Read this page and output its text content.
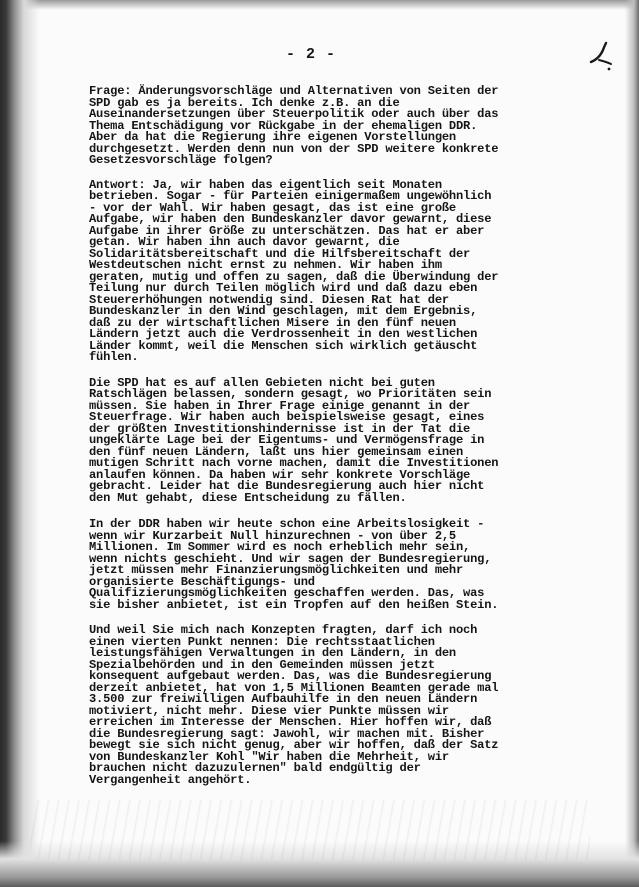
- 2 -
Frage: Änderungsvorschläge und Alternativen von Seiten der
SPD gab es ja bereits. Ich denke z.B. an die
Auseinandersetzungen über Steuerpolitik oder auch über das
Thema Entschädigung vor Rückgabe in der ehemaligen DDR.
Aber da hat die Regierung ihre eigenen Vorstellungen
durchgesetzt. Werden denn nun von der SPD weitere konkrete
Gesetzesvorschläge folgen?
Antwort: Ja, wir haben das eigentlich seit Monaten
betrieben. Sogar - für Parteien einigermaßem ungewöhnlich
- vor der Wahl. Wir haben gesagt, das ist eine große
Aufgabe, wir haben den Bundeskanzler davor gewarnt, diese
Aufgabe in ihrer Größe zu unterschätzen. Das hat er aber
getan. Wir haben ihn auch davor gewarnt, die
Solidaritätsbereitschaft und die Hilfsbereitschaft der
Westdeutschen nicht ernst zu nehmen. Wir haben ihm
geraten, mutig und offen zu sagen, daß die Überwindung der
Teilung nur durch Teilen möglich wird und daß dazu eben
Steuererhöhungen notwendig sind. Diesen Rat hat der
Bundeskanzler in den Wind geschlagen, mit dem Ergebnis,
daß zu der wirtschaftlichen Misere in den fünf neuen
Ländern jetzt auch die Verdrossenheit in den westlichen
Länder kommt, weil die Menschen sich wirklich getäuscht
fühlen.
Die SPD hat es auf allen Gebieten nicht bei guten
Ratschlägen belassen, sondern gesagt, wo Prioritäten sein
müssen. Sie haben in Ihrer Frage einige genannt in der
Steuerfrage. Wir haben auch beispielsweise gesagt, eines
der größten Investitionshindernisse ist in der Tat die
ungeklärte Lage bei der Eigentums- und Vermögensfrage in
den fünf neuen Ländern, laßt uns hier gemeinsam einen
mutigen Schritt nach vorne machen, damit die Investitionen
anlaufen können. Da haben wir sehr konkrete Vorschläge
gebracht. Leider hat die Bundesregierung auch hier nicht
den Mut gehabt, diese Entscheidung zu fällen.
In der DDR haben wir heute schon eine Arbeitslosigkeit -
wenn wir Kurzarbeit Null hinzurechnen - von über 2,5
Millionen. Im Sommer wird es noch erheblich mehr sein,
wenn nichts geschieht. Und wir sagen der Bundesregierung,
jetzt müssen mehr Finanzierungsmöglichkeiten und mehr
organisierte Beschäftigungs- und
Qualifizierungsmöglichkeiten geschaffen werden. Das, was
sie bisher anbietet, ist ein Tropfen auf den heißen Stein.
Und weil Sie mich nach Konzepten fragten, darf ich noch
einen vierten Punkt nennen: Die rechtsstaatlichen
leistungsfähigen Verwaltungen in den Ländern, in den
Spezialbehörden und in den Gemeinden müssen jetzt
konsequent aufgebaut werden. Das, was die Bundesregierung
derzeit anbietet, hat von 1,5 Millionen Beamten gerade mal
3.500 zur freiwilligen Aufbauhilfe in den neuen Ländern
motiviert, nicht mehr. Diese vier Punkte müssen wir
erreichen im Interesse der Menschen. Hier hoffen wir, daß
die Bundesregierung sagt: Jawohl, wir machen mit. Bisher
bewegt sie sich nicht genug, aber wir hoffen, daß der Satz
von Bundeskanzler Kohl "Wir haben die Mehrheit, wir
brauchen nicht dazuzulernen" bald endgültig der
Vergangenheit angehört.
